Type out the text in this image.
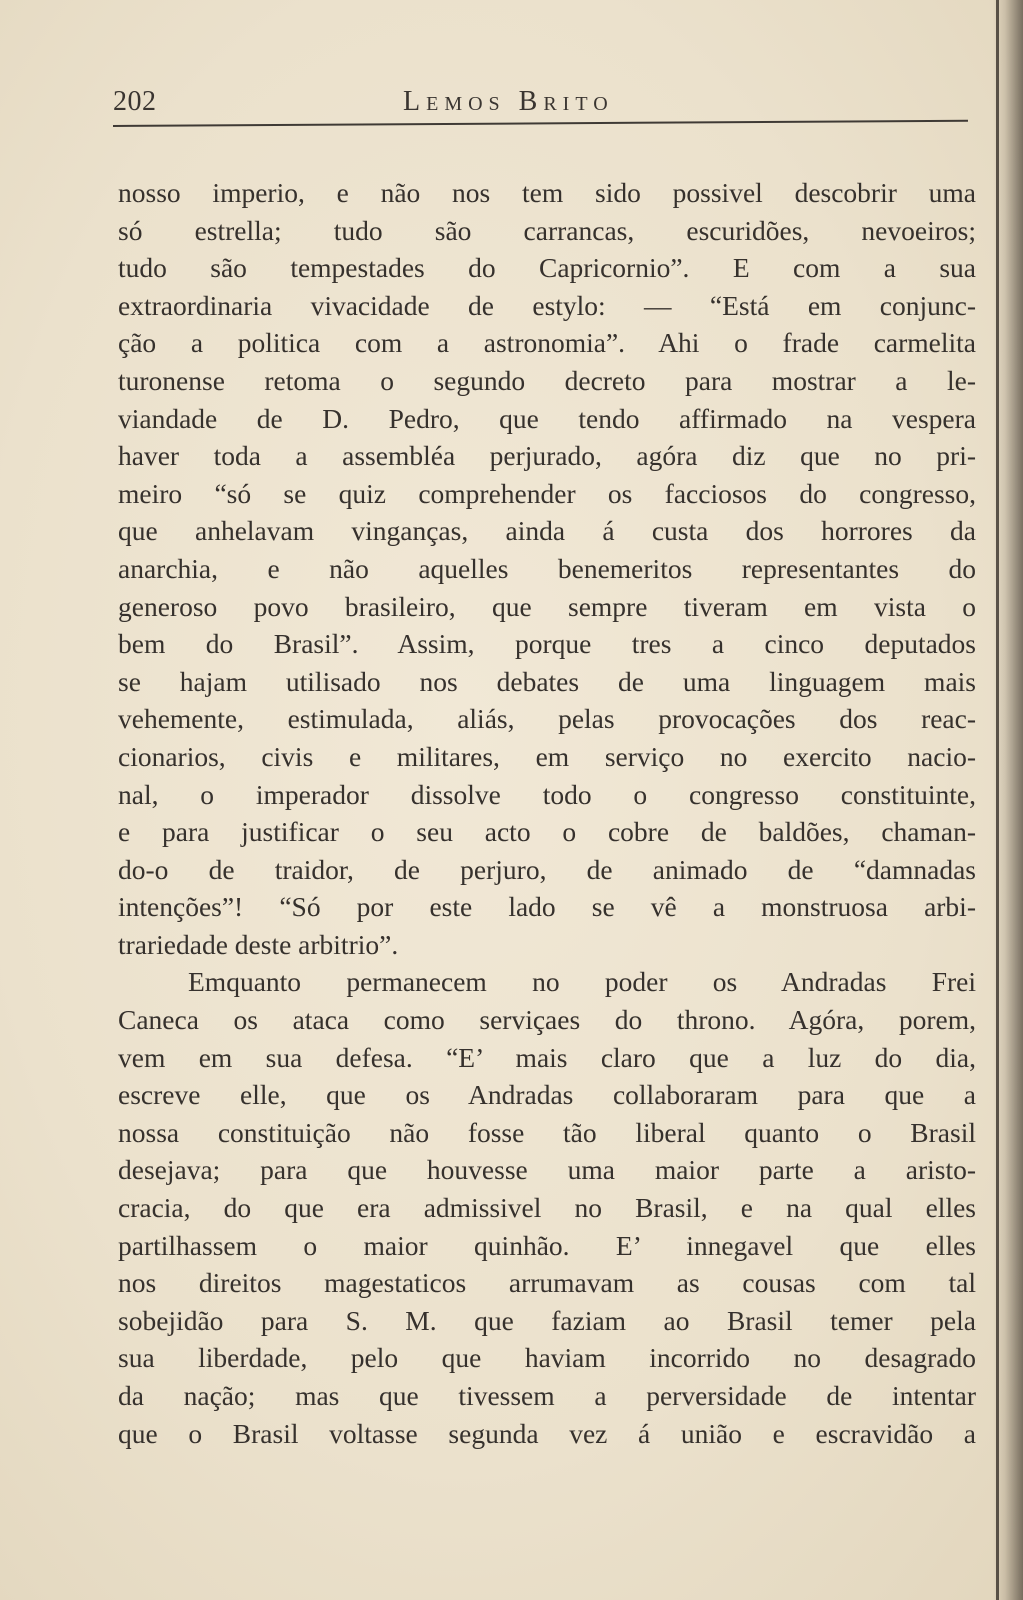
202	Lemos Brito
nosso imperio, e não nos tem sido possivel descobrir uma
só estrella; tudo são carrancas, escuridões, nevoeiros;
tudo são tempestades do Capricornio”. E com a sua
extraordinaria vivacidade de estylo: — “Está em conjunc-
ção a politica com a astronomia”. Ahi o frade carmelita
turonense retoma o segundo decreto para mostrar a le-
viandade de D. Pedro, que tendo affirmado na vespera
haver toda a assembléa perjurado, agóra diz que no pri-
meiro “só se quiz comprehender os facciosos do congresso,
que anhelavam vinganças, ainda á custa dos horrores da
anarchia, e não aquelles benemeritos representantes do
generoso povo brasileiro, que sempre tiveram em vista o
bem do Brasil”. Assim, porque tres a cinco deputados
se hajam utilisado nos debates de uma linguagem mais
vehemente, estimulada, aliás, pelas provocações dos reac-
cionarios, civis e militares, em serviço no exercito nacio-
nal, o imperador dissolve todo o congresso constituinte,
e para justificar o seu acto o cobre de baldões, chaman-
do-o de traidor, de perjuro, de animado de “damnadas
intenções”! “Só por este lado se vê a monstruosa arbi-
trariedade deste arbitrio”.
Emquanto permanecem no poder os Andradas Frei
Caneca os ataca como serviçaes do throno. Agóra, porem,
vem em sua defesa. “E’ mais claro que a luz do dia,
escreve elle, que os Andradas collaboraram para que a
nossa constituição não fosse tão liberal quanto o Brasil
desejava; para que houvesse uma maior parte a aristo-
cracia, do que era admissivel no Brasil, e na qual elles
partilhassem o maior quinhão. E’ innegavel que elles
nos direitos magestaticos arrumavam as cousas com tal
sobejidão para S. M. que faziam ao Brasil temer pela
sua liberdade, pelo que haviam incorrido no desagrado
da nação; mas que tivessem a perversidade de intentar
que o Brasil voltasse segunda vez á união e escravidão a
